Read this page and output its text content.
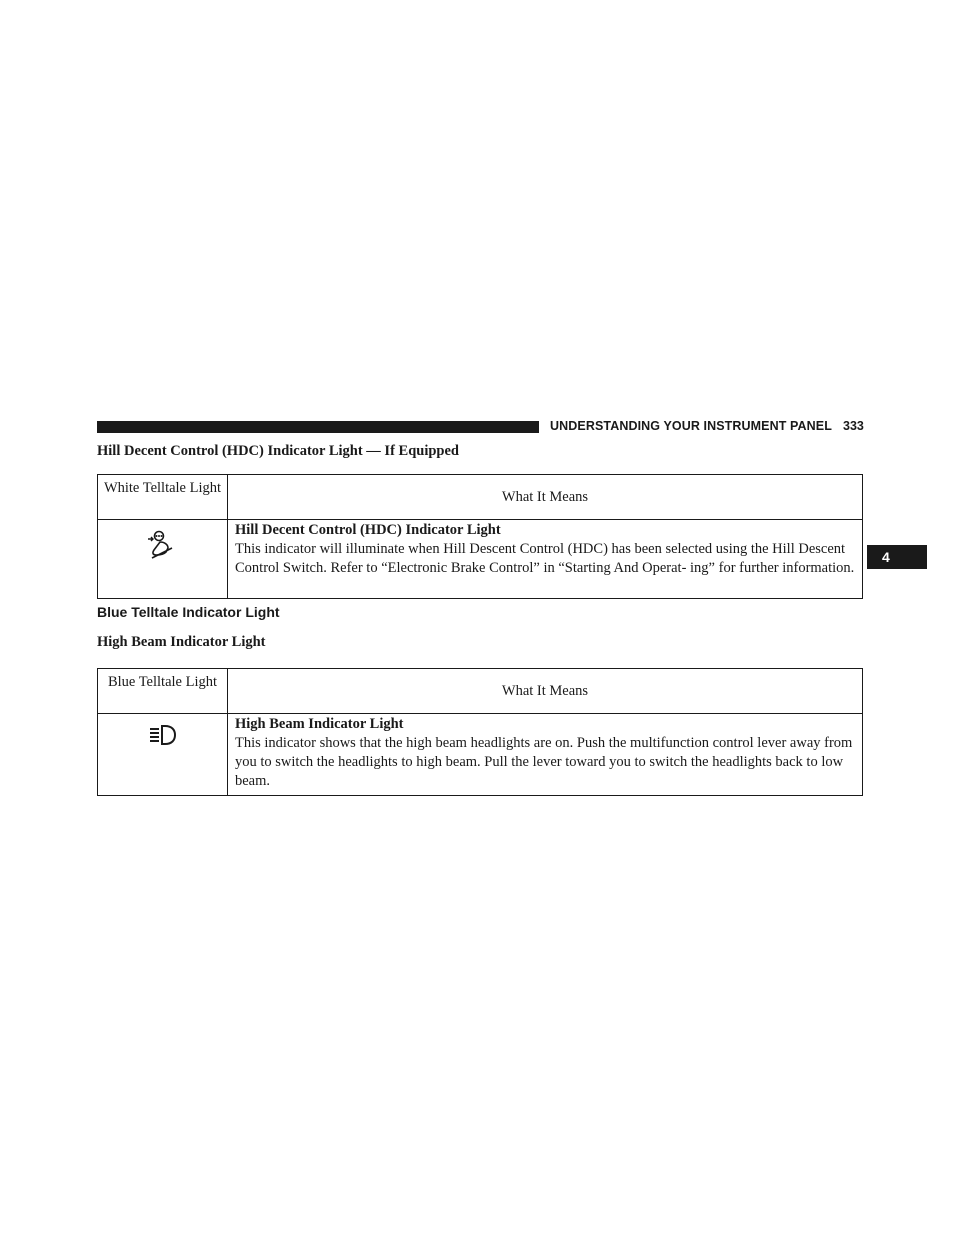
UNDERSTANDING YOUR INSTRUMENT PANEL 333
4
Hill Decent Control (HDC) Indicator Light — If Equipped
White Telltale Light	What It Means

Hill Decent Control (HDC) Indicator Light
This indicator will illuminate when Hill Descent Control (HDC) has been selected using the Hill Descent Control Switch. Refer to “Electronic Brake Control” in “Starting And Operat- ing” for further information.
Blue Telltale Indicator Light
High Beam Indicator Light
Blue Telltale Light	What It Means

High Beam Indicator Light
This indicator shows that the high beam headlights are on. Push the multifunction control lever away from you to switch the headlights to high beam. Pull the lever toward you to switch the headlights back to low beam.
